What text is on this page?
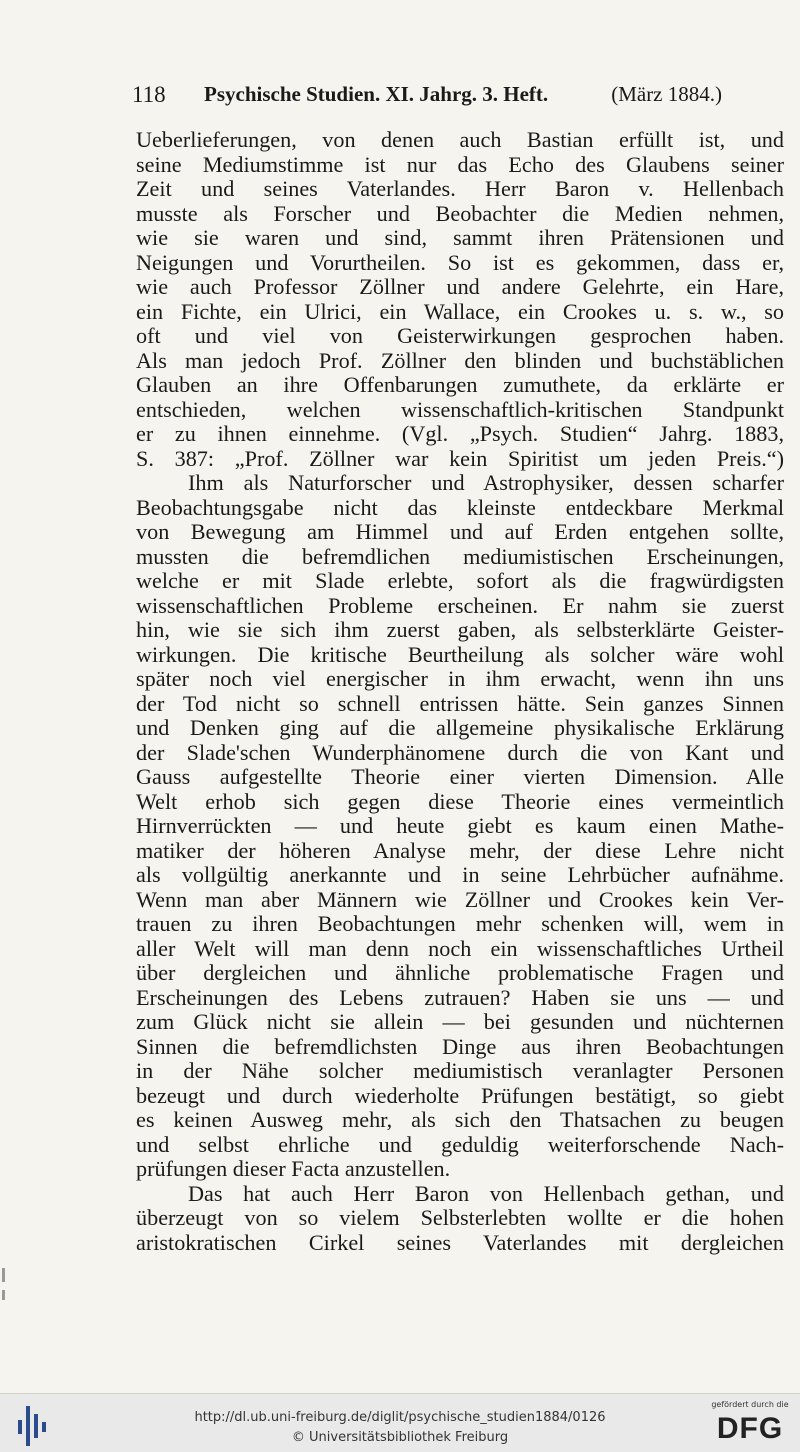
118 Psychische Studien. XI. Jahrg. 3. Heft.	(März 1884.)
Ueberlieferungen, von denen auch Bastian erfüllt ist, und
seine Mediumstimme ist nur das Echo des Glaubens seiner
Zeit und seines Vaterlandes. Herr Baron v. Hellenbach
musste als Forscher und Beobachter die Medien nehmen,
wie sie waren und sind, sammt ihren Prätensionen und
Neigungen und Vorurtheilen. So ist es gekommen, dass er,
wie auch Professor Zöllner und andere Gelehrte, ein Hare,
ein Fichte, ein Ulrici, ein Wallace, ein Crookes u. s. w., so
oft und viel von Geisterwirkungen gesprochen haben.
Als man jedoch Prof. Zöllner den blinden und buchstäblichen
Glauben an ihre Offenbarungen zumuthete, da erklärte er
entschieden, welchen wissenschaftlich-kritischen Standpunkt
er zu ihnen einnehme. (Vgl. „Psych. Studien“ Jahrg. 1883,
S. 387: „Prof. Zöllner war kein Spiritist um jeden Preis.“)
Ihm als Naturforscher und Astrophysiker, dessen scharfer
Beobachtungsgabe nicht das kleinste entdeckbare Merkmal
von Bewegung am Himmel und auf Erden entgehen sollte,
mussten die befremdlichen mediumistischen Erscheinungen,
welche er mit Slade erlebte, sofort als die fragwürdigsten
wissenschaftlichen Probleme erscheinen. Er nahm sie zuerst
hin, wie sie sich ihm zuerst gaben, als selbsterklärte Geister-
wirkungen. Die kritische Beurtheilung als solcher wäre wohl
später noch viel energischer in ihm erwacht, wenn ihn uns
der Tod nicht so schnell entrissen hätte. Sein ganzes Sinnen
und Denken ging auf die allgemeine physikalische Erklärung
der Slade'schen Wunderphänomene durch die von Kant und
Gauss aufgestellte Theorie einer vierten Dimension. Alle
Welt erhob sich gegen diese Theorie eines vermeintlich
Hirnverrückten — und heute giebt es kaum einen Mathe-
matiker der höheren Analyse mehr, der diese Lehre nicht
als vollgültig anerkannte und in seine Lehrbücher aufnähme.
Wenn man aber Männern wie Zöllner und Crookes kein Ver-
trauen zu ihren Beobachtungen mehr schenken will, wem in
aller Welt will man denn noch ein wissenschaftliches Urtheil
über dergleichen und ähnliche problematische Fragen und
Erscheinungen des Lebens zutrauen? Haben sie uns — und
zum Glück nicht sie allein — bei gesunden und nüchternen
Sinnen die befremdlichsten Dinge aus ihren Beobachtungen
in der Nähe solcher mediumistisch veranlagter Personen
bezeugt und durch wiederholte Prüfungen bestätigt, so giebt
es keinen Ausweg mehr, als sich den Thatsachen zu beugen
und selbst ehrliche und geduldig weiterforschende Nach-
prüfungen dieser Facta anzustellen.
Das hat auch Herr Baron von Hellenbach gethan, und
überzeugt von so vielem Selbsterlebten wollte er die hohen
aristokratischen Cirkel seines Vaterlandes mit dergleichen
http://dl.ub.uni-freiburg.de/diglit/psychische_studien1884/0126
© Universitätsbibliothek Freiburg
gefördert durch die
DFG
